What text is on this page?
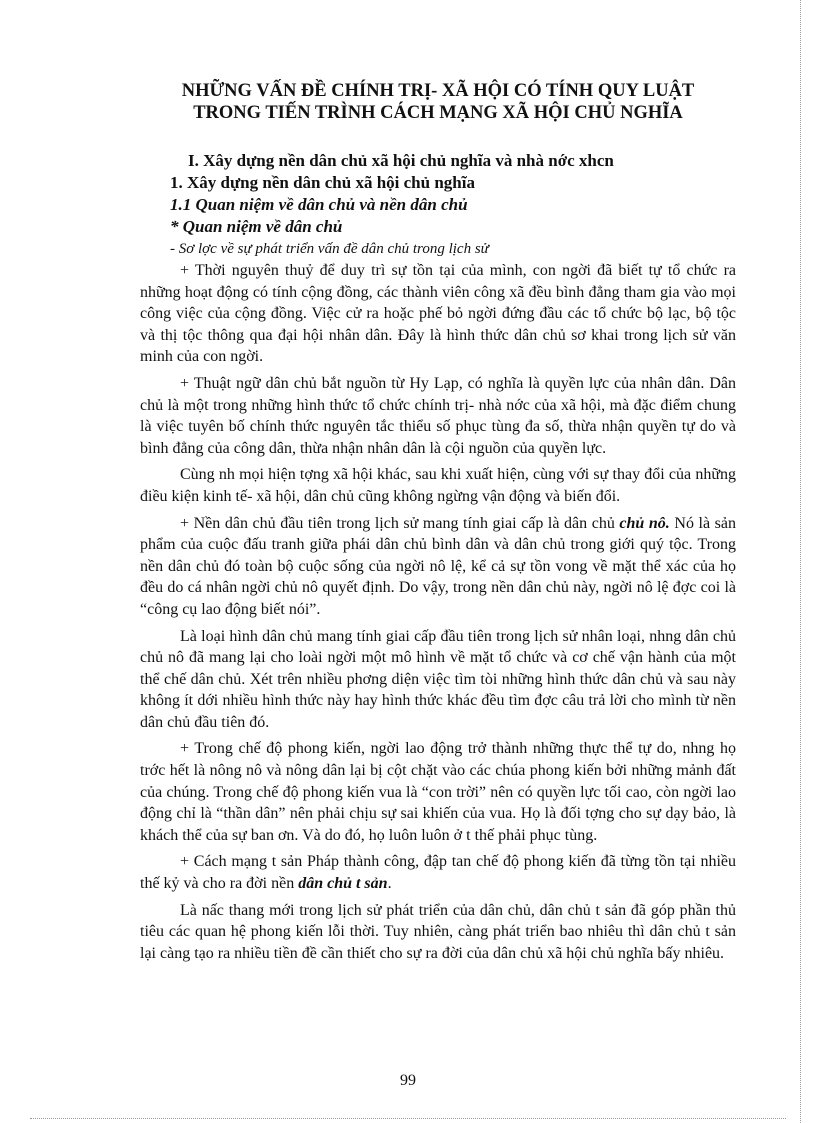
NHỮNG VẤN ĐỀ CHÍNH TRỊ- XÃ HỘI CÓ TÍNH QUY LUẬT

TRONG TIẾN TRÌNH CÁCH MẠNG XÃ HỘI CHỦ NGHĨA

I. Xây dựng nền dân chủ xã hội chủ nghĩa và nhà nớc xhcn

1. Xây dựng nền dân chủ xã hội chủ nghĩa

1.1 Quan niệm về dân chủ và nền dân chủ

* Quan niệm về dân chủ

- Sơ lợc về sự phát triển vấn đề dân chủ trong lịch sử

+ Thời nguyên thuỷ để duy trì sự tồn tại của mình, con ngời đã biết tự tổ chức ra những hoạt động có tính cộng đồng, các thành viên công xã đều bình đẳng tham gia vào mọi công việc của cộng đồng. Việc cử ra hoặc phế bỏ ngời đứng đầu các tổ chức bộ lạc, bộ tộc và thị tộc thông qua đại hội nhân dân. Đây là hình thức dân chủ sơ khai trong lịch sử văn minh của con ngời.

+ Thuật ngữ dân chủ bắt nguồn từ Hy Lạp, có nghĩa là quyền lực của nhân dân. Dân chủ là một trong những hình thức tổ chức chính trị- nhà nớc của xã hội, mà đặc điểm chung là việc tuyên bố chính thức nguyên tắc thiểu số phục tùng đa số, thừa nhận quyền tự do và bình đẳng của công dân, thừa nhận nhân dân là cội nguồn của quyền lực.

Cùng nh mọi hiện tợng xã hội khác, sau khi xuất hiện, cùng với sự thay đổi của những điều kiện kinh tế- xã hội, dân chủ cũng không ngừng vận động và biến đổi.

+ Nền dân chủ đầu tiên trong lịch sử mang tính giai cấp là dân chủ chủ nô. Nó là sản phẩm của cuộc đấu tranh giữa phái dân chủ bình dân và dân chủ trong giới quý tộc. Trong nền dân chủ đó toàn bộ cuộc sống của ngời nô lệ, kể cả sự tồn vong về mặt thể xác của họ đều do cá nhân ngời chủ nô quyết định. Do vậy, trong nền dân chủ này, ngời nô lệ đợc coi là “công cụ lao động biết nói”.

Là loại hình dân chủ mang tính giai cấp đầu tiên trong lịch sử nhân loại, nhng dân chủ chủ nô đã mang lại cho loài ngời một mô hình về mặt tổ chức và cơ chế vận hành của một thể chế dân chủ. Xét trên nhiều phơng diện việc tìm tòi những hình thức dân chủ và sau này không ít dới nhiều hình thức này hay hình thức khác đều tìm đợc câu trả lời cho mình từ nền dân chủ đầu tiên đó.

+ Trong chế độ phong kiến, ngời lao động trở thành những thực thể tự do, nhng họ trớc hết là nông nô và nông dân lại bị cột chặt vào các chúa phong kiến bởi những mảnh đất của chúng. Trong chế độ phong kiến vua là “con trời” nên có quyền lực tối cao, còn ngời lao động chỉ là “thần dân” nên phải chịu sự sai khiến của vua. Họ là đối tợng cho sự dạy bảo, là khách thể của sự ban ơn. Và do đó, họ luôn luôn ở t thế phải phục tùng.

+ Cách mạng t sản Pháp thành công, đập tan chế độ phong kiến đã từng tồn tại nhiều thế kỷ và cho ra đời nền dân chủ t sản.

Là nấc thang mới trong lịch sử phát triển của dân chủ, dân chủ t sản đã góp phần thủ tiêu các quan hệ phong kiến lỗi thời. Tuy nhiên, càng phát triển bao nhiêu thì dân chủ t sản lại càng tạo ra nhiều tiền đề cần thiết cho sự ra đời của dân chủ xã hội chủ nghĩa bấy nhiêu.

99
